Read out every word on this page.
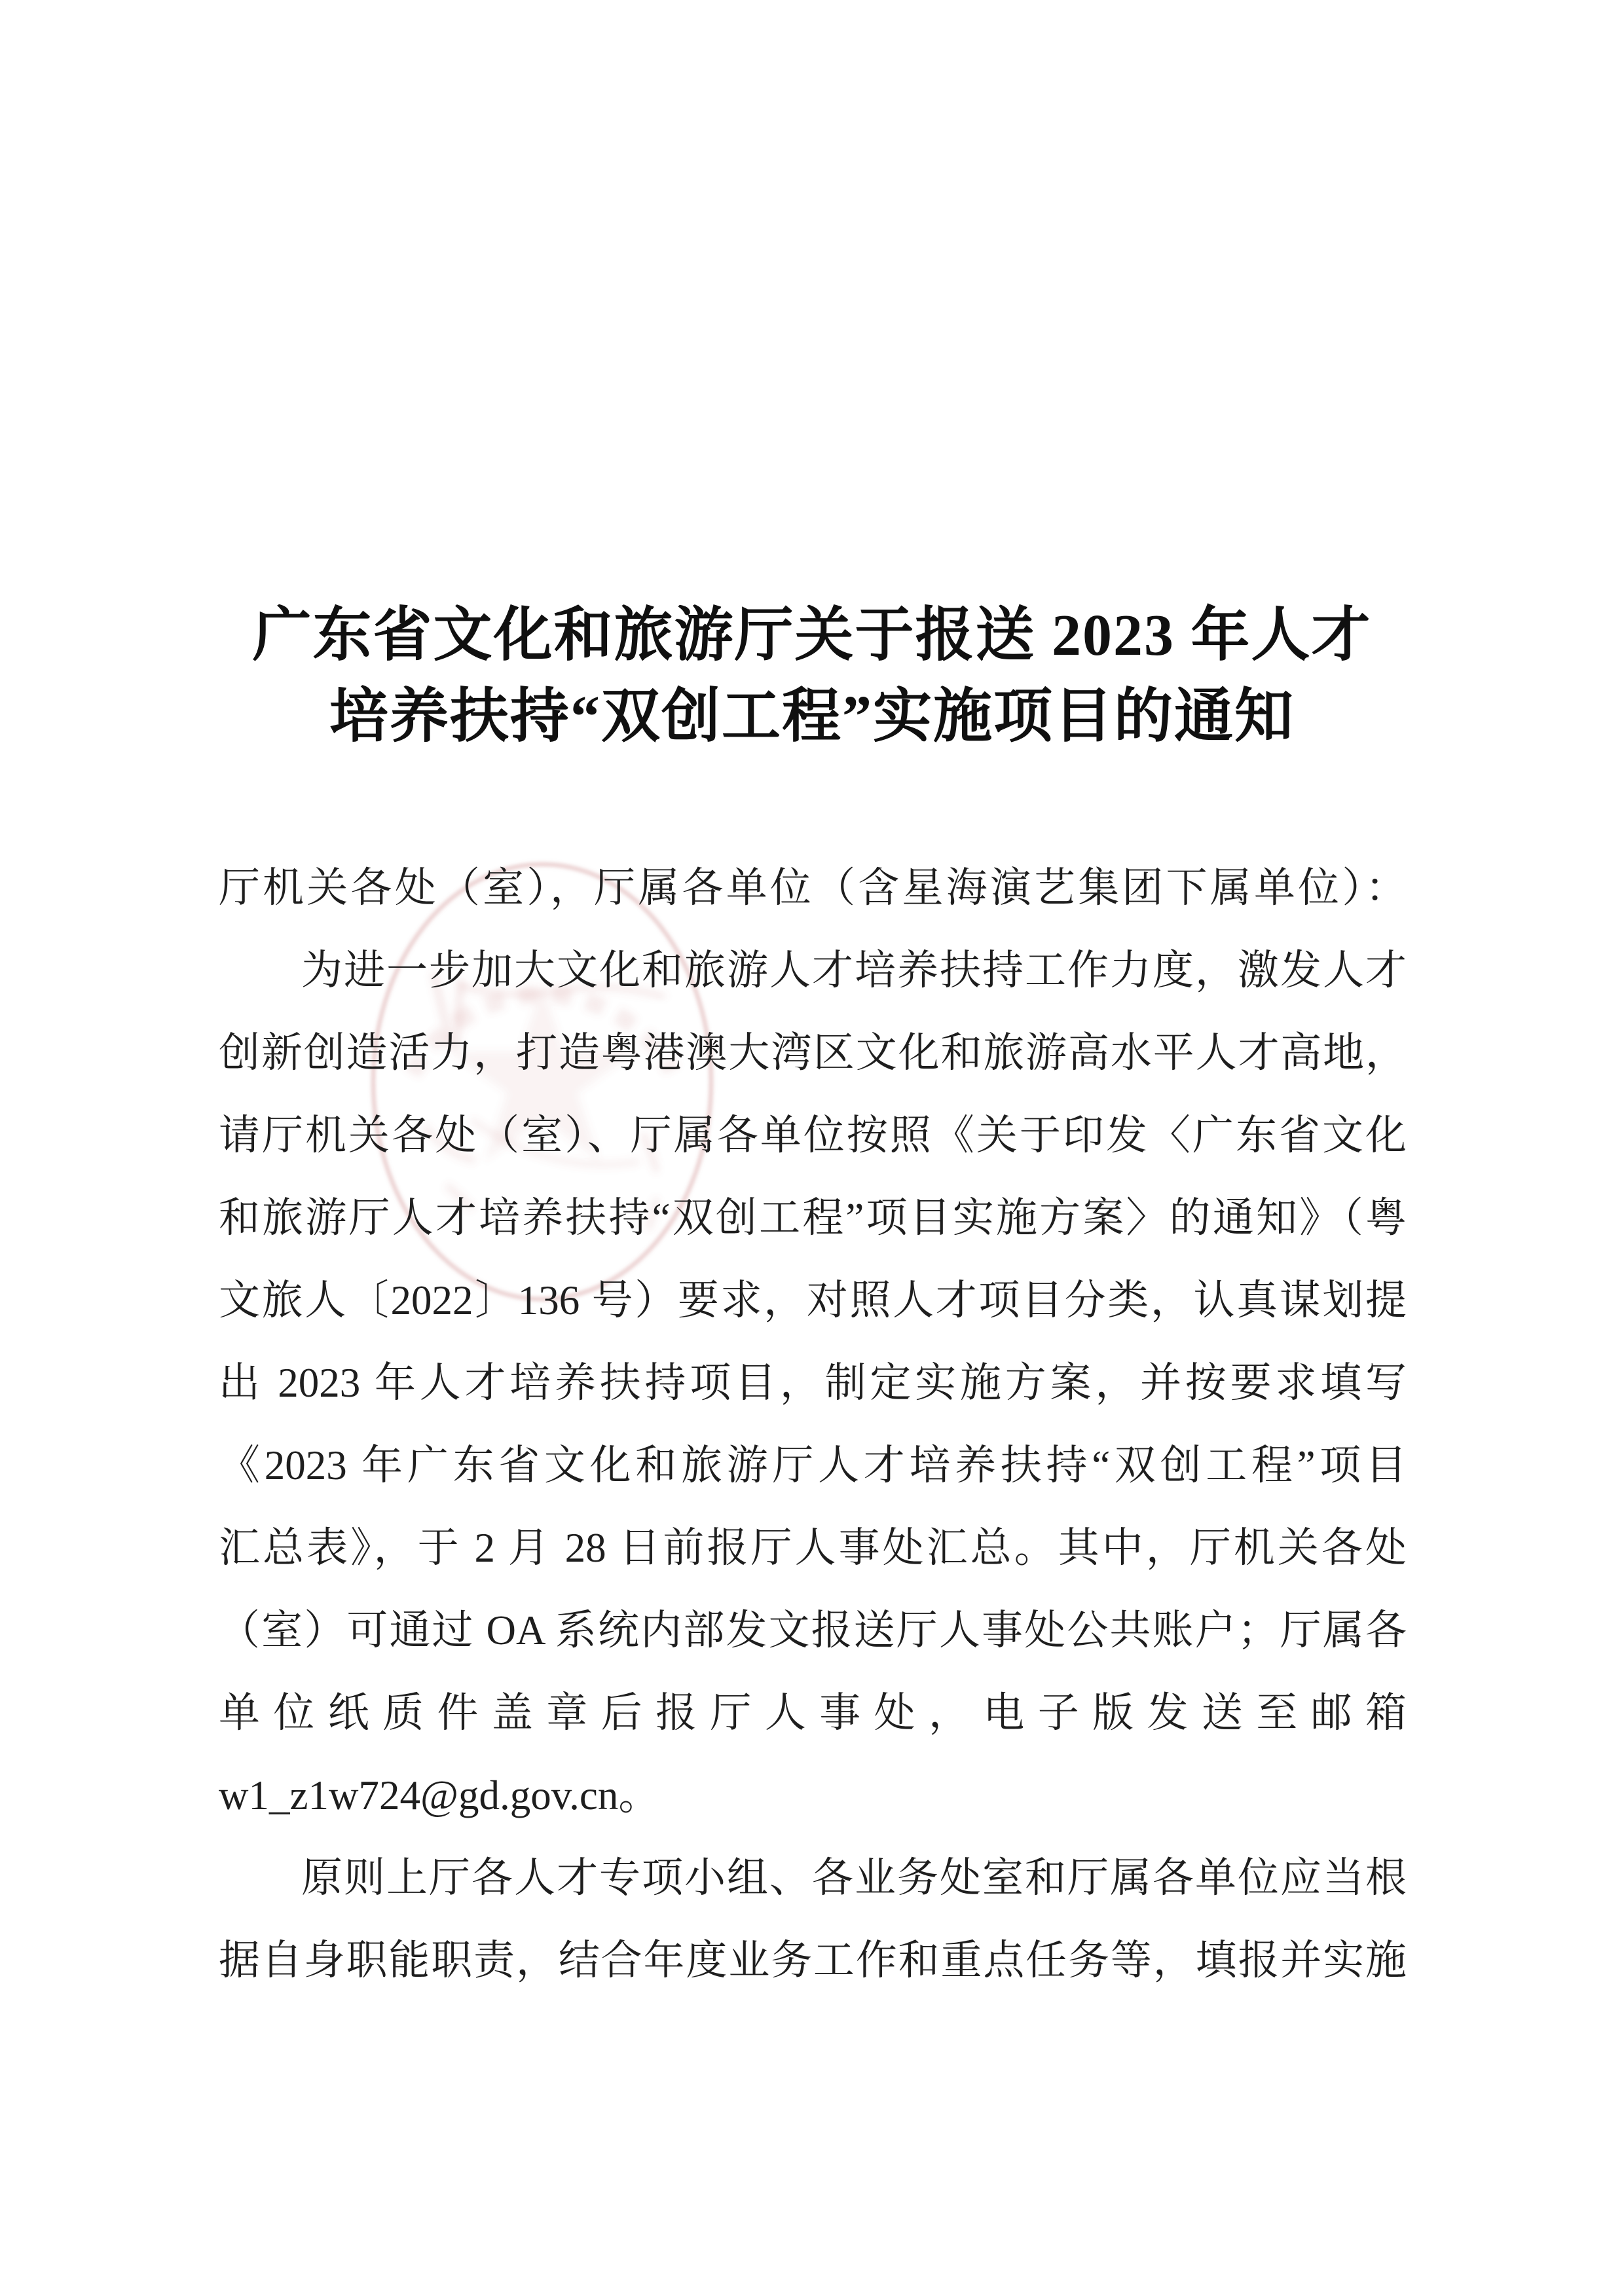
广东省文化和旅游厅关于报送 2023 年人才
培养扶持“双创工程”实施项目的通知
厅机关各处（室），厅属各单位（含星海演艺集团下属单位）：
为进一步加大文化和旅游人才培养扶持工作力度，激发人才
创新创造活力，打造粤港澳大湾区文化和旅游高水平人才高地，
请厅机关各处（室）、厅属各单位按照《关于印发〈广东省文化
和旅游厅人才培养扶持“双创工程”项目实施方案〉的通知》（粤
文旅人〔2022〕136 号）要求，对照人才项目分类，认真谋划提
出 2023 年人才培养扶持项目，制定实施方案，并按要求填写
《2023 年广东省文化和旅游厅人才培养扶持“双创工程”项目
汇总表》，于 2 月 28 日前报厅人事处汇总。其中，厅机关各处
（室）可通过 OA 系统内部发文报送厅人事处公共账户；厅属各
单位纸质件盖章后报厅人事处，电子版发送至邮箱
w1_z1w724@gd.gov.cn。
原则上厅各人才专项小组、各业务处室和厅属各单位应当根
据自身职能职责，结合年度业务工作和重点任务等，填报并实施
